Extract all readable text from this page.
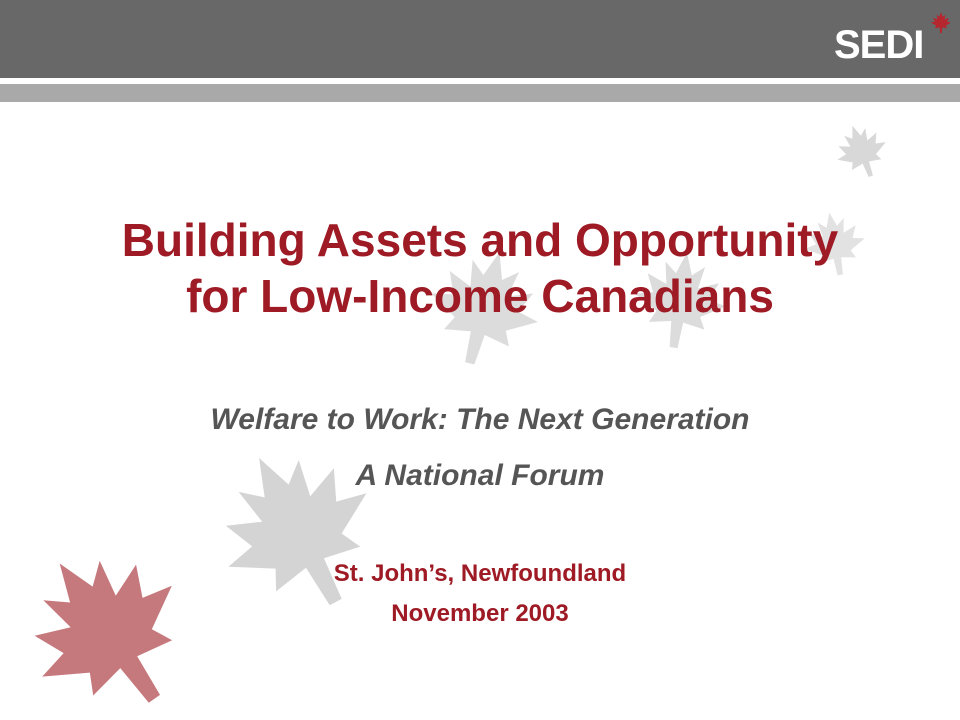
SEDI
Building Assets and Opportunity
for Low-Income Canadians

Welfare to Work: The Next Generation
A National Forum

St. John’s, Newfoundland
November 2003
